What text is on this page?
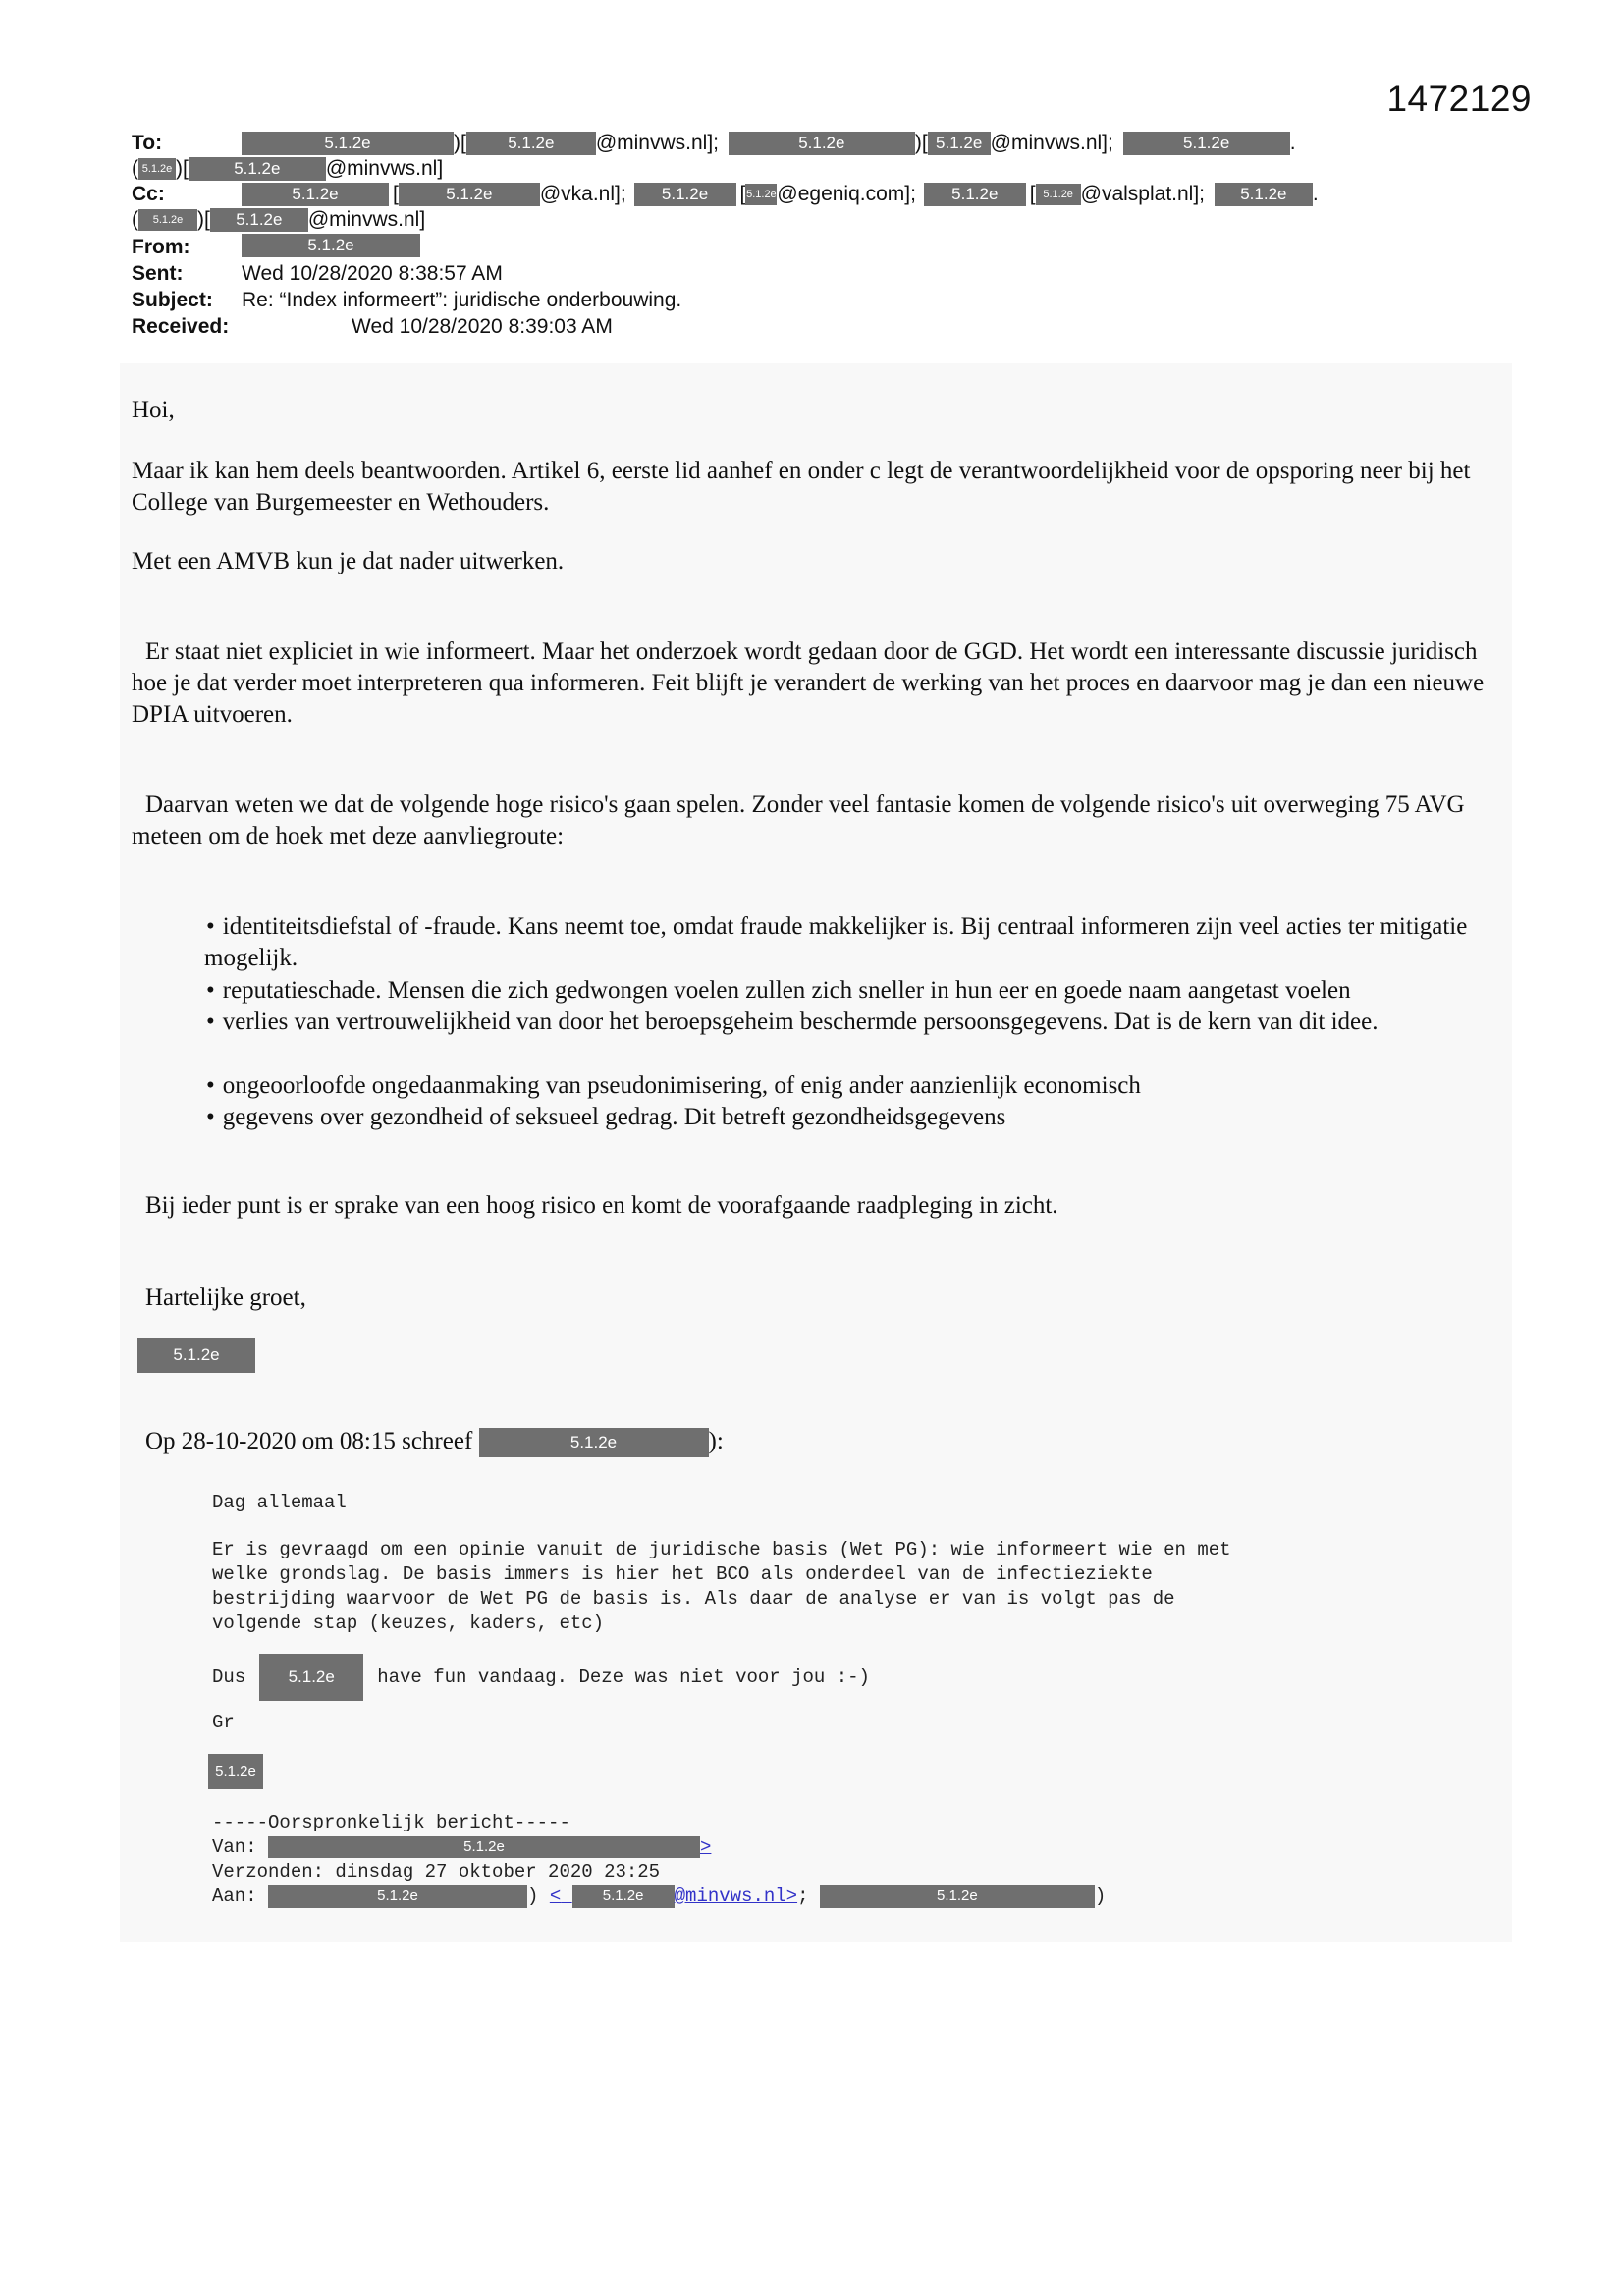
1472129
To:	5.1.2e	)[ 5.1.2e @minvws.nl];	5.1.2e	)[ 5.1.2e @minvws.nl];	5.1.2e	.
( 5.1.2e )[	5.1.2e @minvws.nl]
Cc:	5.1.2e	[	5.1.2e @vka.nl]; 5.1.2e [5.1.2e@egeniq.com]; 5.1.2e [ 5.1.2e @valsplat.nl]; 5.1.2e .
( 5.1.2e )[ 5.1.2e @minvws.nl]
From:	5.1.2e
Sent:	Wed 10/28/2020 8:38:57 AM
Subject: Re: “Index informeert”: juridische onderbouwing.
Received:	Wed 10/28/2020 8:39:03 AM
Hoi,
Maar ik kan hem deels beantwoorden. Artikel 6, eerste lid aanhef en onder c legt de verantwoordelijkheid voor de opsporing neer bij het College van Burgemeester en Wethouders.
Met een AMVB kun je dat nader uitwerken.
Er staat niet expliciet in wie informeert. Maar het onderzoek wordt gedaan door de GGD. Het wordt een interessante discussie juridisch hoe je dat verder moet interpreteren qua informeren. Feit blijft je verandert de werking van het proces en daarvoor mag je dan een nieuwe DPIA uitvoeren.
Daarvan weten we dat de volgende hoge risico's gaan spelen. Zonder veel fantasie komen de volgende risico's uit overweging 75 AVG meteen om de hoek met deze aanvliegroute:
• identiteitsdiefstal of -fraude. Kans neemt toe, omdat fraude makkelijker is. Bij centraal informeren zijn veel acties ter mitigatie mogelijk.
• reputatieschade. Mensen die zich gedwongen voelen zullen zich sneller in hun eer en goede naam aangetast voelen
• verlies van vertrouwelijkheid van door het beroepsgeheim beschermde persoonsgegevens. Dat is de kern van dit idee.
• ongeoorloofde ongedaanmaking van pseudonimisering, of enig ander aanzienlijk economisch
• gegevens over gezondheid of seksueel gedrag. Dit betreft gezondheidsgegevens
Bij ieder punt is er sprake van een hoog risico en komt de voorafgaande raadpleging in zicht.
Hartelijke groet,
5.1.2e
Op 28-10-2020 om 08:15 schreef	5.1.2e	):
Dag allemaal
Er is gevraagd om een opinie vanuit de juridische basis (Wet PG): wie informeert wie en met
welke grondslag. De basis immers is hier het BCO als onderdeel van de infectieziekte
bestrijding waarvoor de Wet PG de basis is. Als daar de analyse er van is volgt pas de
volgende stap (keuzes, kaders, etc)
Dus	5.1.2e	have fun vandaag. Deze was niet voor jou :-)
Gr
5.1.2e
-----Oorspronkelijk bericht-----
Van:	5.1.2e	>
Verzonden: dinsdag 27 oktober 2020 23:25
Aan:	5.1.2e	) <	5.1.2e @minvws.nl>;	5.1.2e	)
